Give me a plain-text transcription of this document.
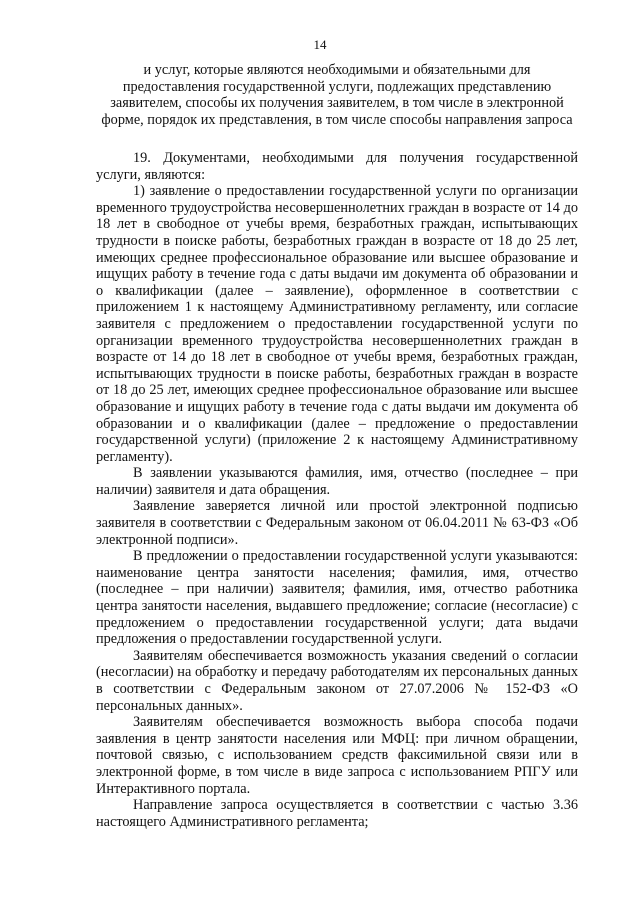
14
и услуг, которые являются необходимыми и обязательными для предоставления государственной услуги, подлежащих представлению заявителем, способы их получения заявителем, в том числе в электронной форме, порядок их представления, в том числе способы направления запроса

19. Документами, необходимыми для получения государственной услуги, являются:

1) заявление о предоставлении государственной услуги по организации временного трудоустройства несовершеннолетних граждан в возрасте от 14 до 18 лет в свободное от учебы время, безработных граждан, испытывающих трудности в поиске работы, безработных граждан в возрасте от 18 до 25 лет, имеющих среднее профессиональное образование или высшее образование и ищущих работу в течение года с даты выдачи им документа об образовании и о квалификации (далее – заявление), оформленное в соответствии с приложением 1 к настоящему Административному регламенту, или согласие заявителя с предложением о предоставлении государственной услуги по организации временного трудоустройства несовершеннолетних граждан в возрасте от 14 до 18 лет в свободное от учебы время, безработных граждан, испытывающих трудности в поиске работы, безработных граждан в возрасте от 18 до 25 лет, имеющих среднее профессиональное образование или высшее образование и ищущих работу в течение года с даты выдачи им документа об образовании и о квалификации (далее – предложение о предоставлении государственной услуги) (приложение 2 к настоящему Административному регламенту).

В заявлении указываются фамилия, имя, отчество (последнее – при наличии) заявителя и дата обращения.

Заявление заверяется личной или простой электронной подписью заявителя в соответствии с Федеральным законом от 06.04.2011 № 63-ФЗ «Об электронной подписи».

В предложении о предоставлении государственной услуги указываются: наименование центра занятости населения; фамилия, имя, отчество (последнее – при наличии) заявителя; фамилия, имя, отчество работника центра занятости населения, выдавшего предложение; согласие (несогласие) с предложением о предоставлении государственной услуги; дата выдачи предложения о предоставлении государственной услуги.

Заявителям обеспечивается возможность указания сведений о согласии (несогласии) на обработку и передачу работодателям их персональных данных в соответствии с Федеральным законом от 27.07.2006 № 152-ФЗ «О персональных данных».

Заявителям обеспечивается возможность выбора способа подачи заявления в центр занятости населения или МФЦ: при личном обращении, почтовой связью, с использованием средств факсимильной связи или в электронной форме, в том числе в виде запроса с использованием РПГУ или Интерактивного портала.

Направление запроса осуществляется в соответствии с частью 3.36 настоящего Административного регламента;
